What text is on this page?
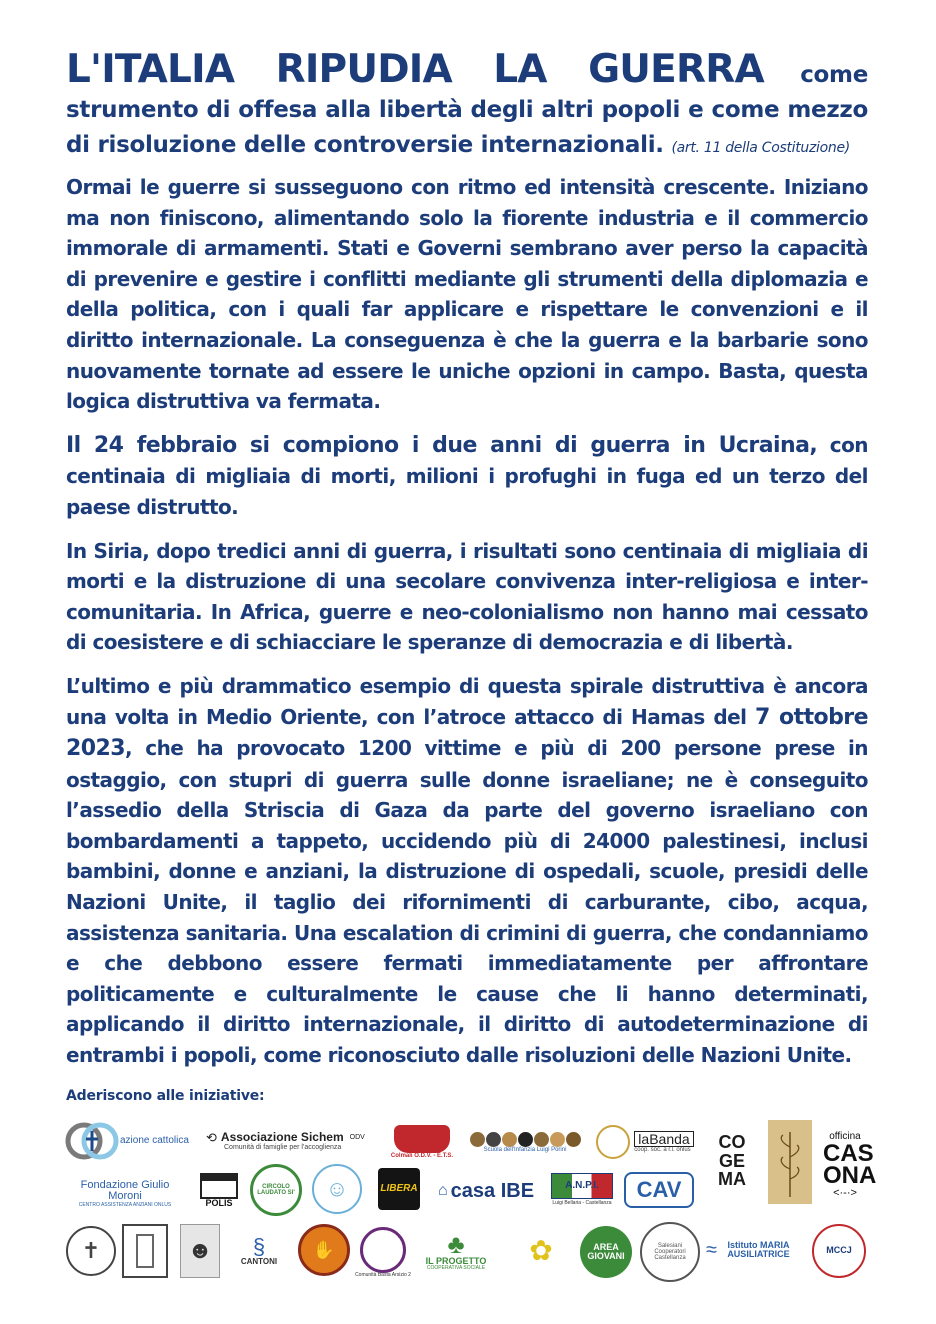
L'ITALIA RIPUDIA LA GUERRA come strumento di offesa alla libertà degli altri popoli e come mezzo di risoluzione delle controversie internazionali. (art. 11 della Costituzione)

Ormai le guerre si susseguono con ritmo ed intensità crescente. Iniziano ma non finiscono, alimentando solo la fiorente industria e il commercio immorale di armamenti. Stati e Governi sembrano aver perso la capacità di prevenire e gestire i conflitti mediante gli strumenti della diplomazia e della politica, con i quali far applicare e rispettare le convenzioni e il diritto internazionale. La conseguenza è che la guerra e la barbarie sono nuovamente tornate ad essere le uniche opzioni in campo. Basta, questa logica distruttiva va fermata.

Il 24 febbraio si compiono i due anni di guerra in Ucraina, con centinaia di migliaia di morti, milioni i profughi in fuga ed un terzo del paese distrutto.

In Siria, dopo tredici anni di guerra, i risultati sono centinaia di migliaia di morti e la distruzione di una secolare convivenza inter-religiosa e inter-comunitaria. In Africa, guerre e neo-colonialismo non hanno mai cessato di coesistere e di schiacciare le speranze di democrazia e di libertà.

L’ultimo e più drammatico esempio di questa spirale distruttiva è ancora una volta in Medio Oriente, con l’atroce attacco di Hamas del 7 ottobre 2023, che ha provocato 1200 vittime e più di 200 persone prese in ostaggio, con stupri di guerra sulle donne israeliane; ne è conseguito l’assedio della Striscia di Gaza da parte del governo israeliano con bombardamenti a tappeto, uccidendo più di 24000 palestinesi, inclusi bambini, donne e anziani, la distruzione di ospedali, scuole, presidi delle Nazioni Unite, il taglio dei rifornimenti di carburante, cibo, acqua, assistenza sanitaria. Una escalation di crimini di guerra, che condanniamo e che debbono essere fermati immediatamente per affrontare politicamente e culturalmente le cause che li hanno determinati, applicando il diritto internazionale, il diritto di autodeterminazione di entrambi i popoli, come riconosciuto dalle risoluzioni delle Nazioni Unite.

Aderiscono alle iniziative:
azione cattolica ⟲ Associazione Sichem ODV
Comunità di famiglie per l'accoglienza
Colmali O.D.V. - E.T.S.
Scuola dell'Infanzia Luigi Porini
laBanda
coop. soc. a r.l. onlus	CO GE MA
officina
CAS ONA
<·-·>
Fondazione Giulio Moroni
CENTRO ASSISTENZA ANZIANI ONLUS	POLIS
CIRCOLO LAUDATO SI' ☺	LIBERA ⌂ casa IBE	A.N.P.I.
Luigi Bellaria - Castellanza
CAV
✝	☻ §
CANTONI
✋
Comunità Basta Arsizio 2
♣
IL PROGETTO
COOPERATIVA SOCIALE
✿	AREA GIOVANI
Salesiani Cooperatori Castellanza	≈	Istituto MARIA AUSILIATRICE	MCCJ
